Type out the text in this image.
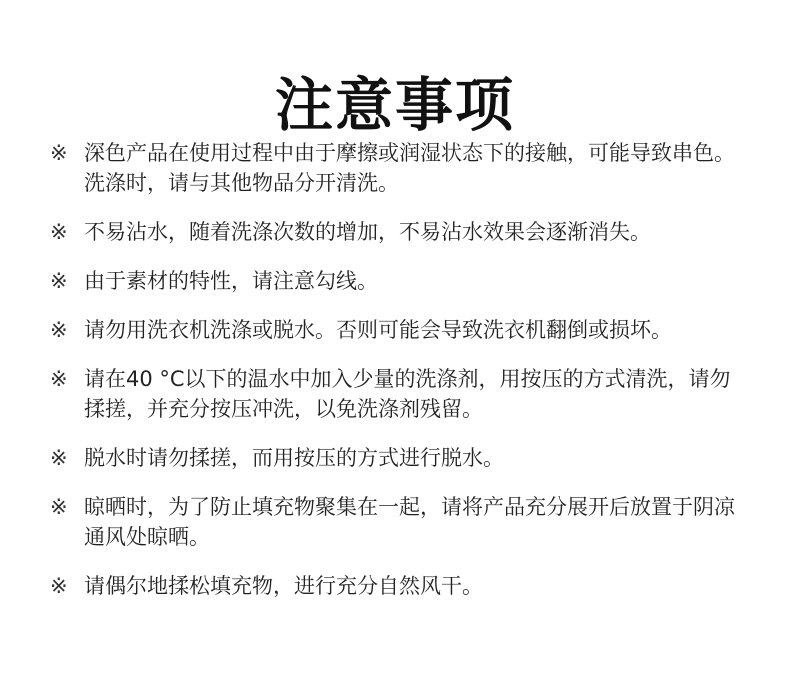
注意事项
※ 深色产品在使用过程中由于摩擦或润湿状态下的接触，可能导致串色。洗涤时，请与其他物品分开清洗。
※ 不易沾水，随着洗涤次数的增加，不易沾水效果会逐渐消失。
※ 由于素材的特性，请注意勾线。
※ 请勿用洗衣机洗涤或脱水。否则可能会导致洗衣机翻倒或损坏。
※ 请在40 °C以下的温水中加入少量的洗涤剂，用按压的方式清洗，请勿揉搓，并充分按压冲洗，以免洗涤剂残留。
※ 脱水时请勿揉搓，而用按压的方式进行脱水。
※ 晾晒时，为了防止填充物聚集在一起，请将产品充分展开后放置于阴凉通风处晾晒。
※ 请偶尔地揉松填充物，进行充分自然风干。
